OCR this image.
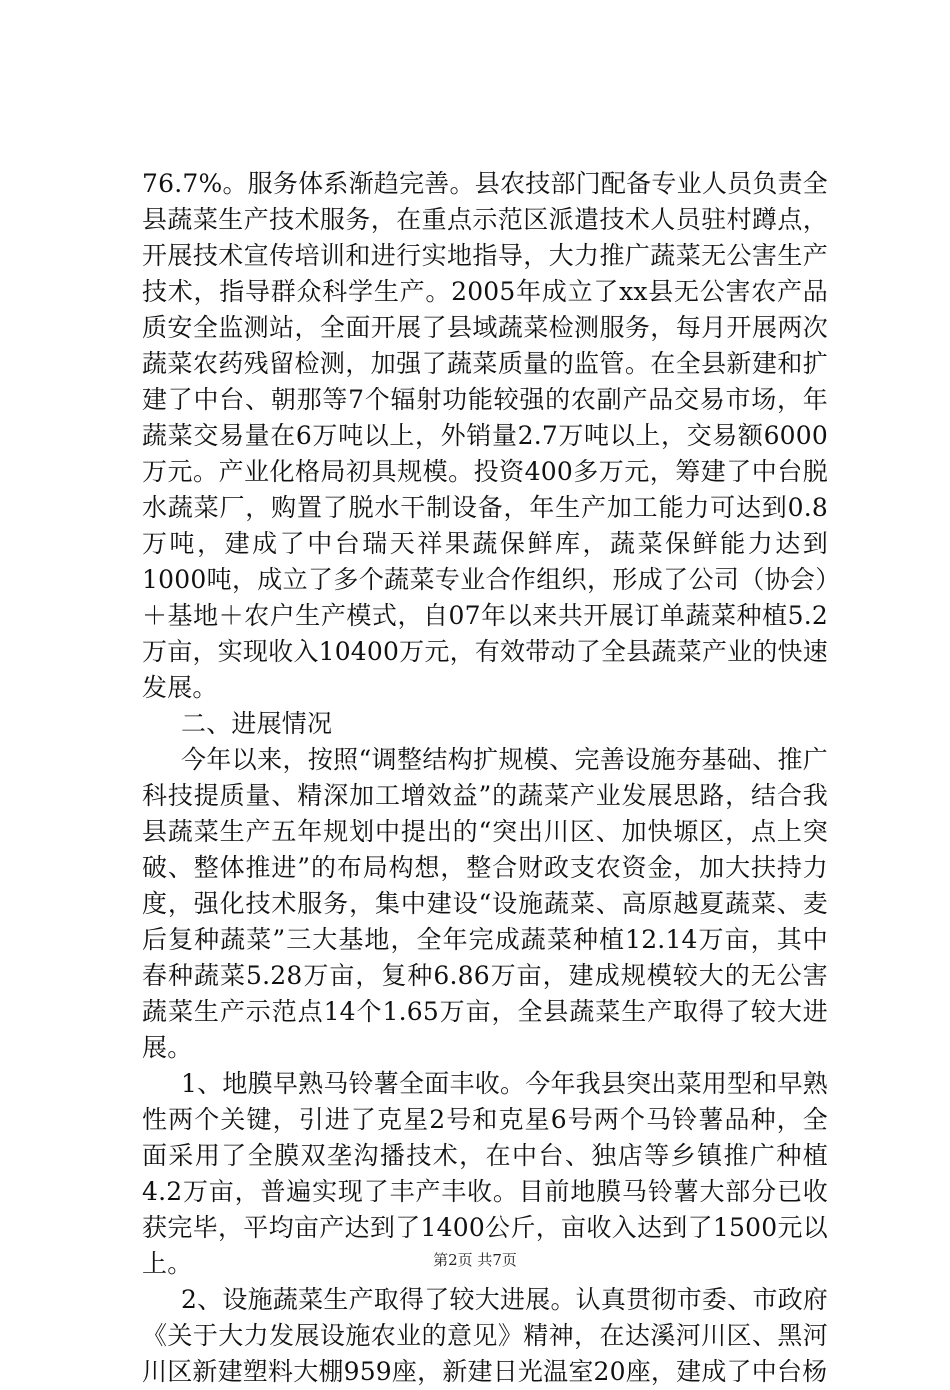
76.7%。服务体系渐趋完善。县农技部门配备专业人员负责全县蔬菜生产技术服务，在重点示范区派遣技术人员驻村蹲点，开展技术宣传培训和进行实地指导，大力推广蔬菜无公害生产技术，指导群众科学生产。2005年成立了xx县无公害农产品质安全监测站，全面开展了县域蔬菜检测服务，每月开展两次蔬菜农药残留检测，加强了蔬菜质量的监管。在全县新建和扩建了中台、朝那等7个辐射功能较强的农副产品交易市场，年蔬菜交易量在6万吨以上，外销量2.7万吨以上，交易额6000万元。产业化格局初具规模。投资400多万元，筹建了中台脱水蔬菜厂，购置了脱水干制设备，年生产加工能力可达到0.8万吨，建成了中台瑞天祥果蔬保鲜库，蔬菜保鲜能力达到1000吨，成立了多个蔬菜专业合作组织，形成了公司（协会）＋基地＋农户生产模式，自07年以来共开展订单蔬菜种植5.2万亩，实现收入10400万元，有效带动了全县蔬菜产业的快速发展。

二、进展情况

今年以来，按照“调整结构扩规模、完善设施夯基础、推广科技提质量、精深加工增效益”的蔬菜产业发展思路，结合我县蔬菜生产五年规划中提出的“突出川区、加快塬区，点上突破、整体推进”的布局构想，整合财政支农资金，加大扶持力度，强化技术服务，集中建设“设施蔬菜、高原越夏蔬菜、麦后复种蔬菜”三大基地，全年完成蔬菜种植12.14万亩，其中春种蔬菜5.28万亩，复种6.86万亩，建成规模较大的无公害蔬菜生产示范点14个1.65万亩，全县蔬菜生产取得了较大进展。

1、地膜早熟马铃薯全面丰收。今年我县突出菜用型和早熟性两个关键，引进了克星2号和克星6号两个马铃薯品种，全面采用了全膜双垄沟播技术，在中台、独店等乡镇推广种植4.2万亩，普遍实现了丰产丰收。目前地膜马铃薯大部分已收获完毕，平均亩产达到了1400公斤，亩收入达到了1500元以上。

2、设施蔬菜生产取得了较大进展。认真贯彻市委、市政府《关于大力发展设施农业的意见》精神，在达溪河川区、黑河川区新建塑料大棚959座，新建日光温室20座，建成了中台杨

第2页 共7页
